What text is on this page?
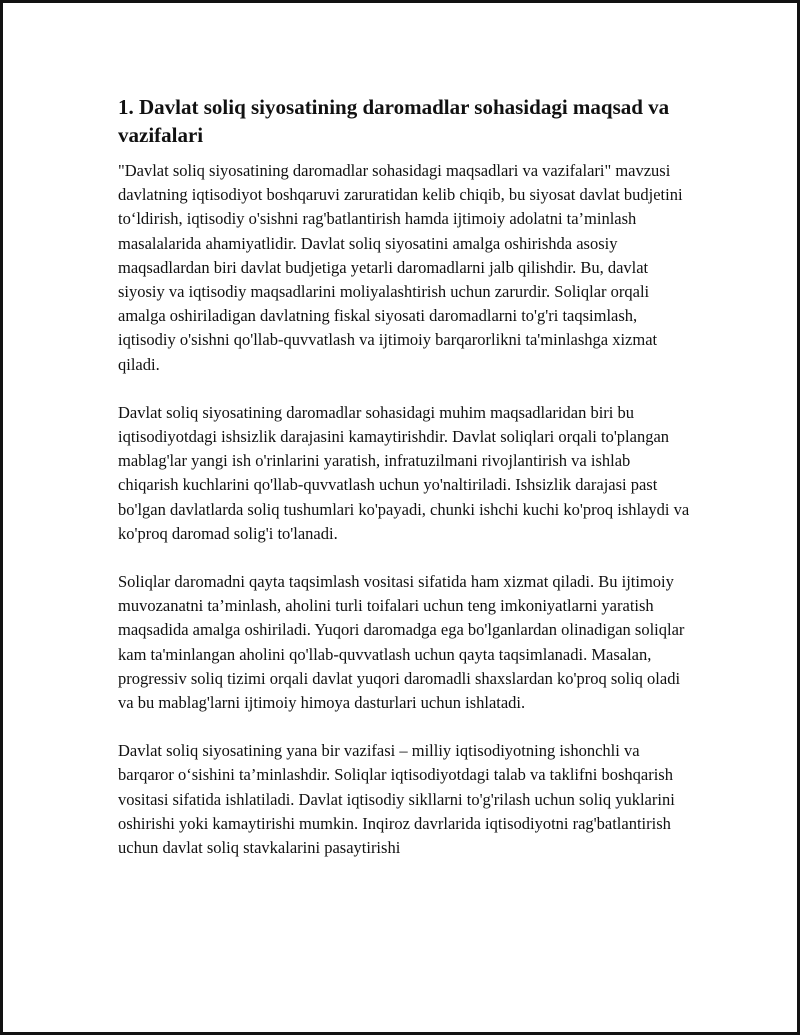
1. Davlat soliq siyosatining daromadlar sohasidagi maqsad va vazifalari

"Davlat soliq siyosatining daromadlar sohasidagi maqsadlari va vazifalari" mavzusi davlatning iqtisodiyot boshqaruvi zaruratidan kelib chiqib, bu siyosat davlat budjetini to‘ldirish, iqtisodiy o'sishni rag'batlantirish hamda ijtimoiy adolatni ta’minlash masalalarida ahamiyatlidir. Davlat soliq siyosatini amalga oshirishda asosiy maqsadlardan biri davlat budjetiga yetarli daromadlarni jalb qilishdir. Bu, davlat siyosiy va iqtisodiy maqsadlarini moliyalashtirish uchun zarurdir. Soliqlar orqali amalga oshiriladigan davlatning fiskal siyosati daromadlarni to'g'ri taqsimlash, iqtisodiy o'sishni qo'llab-quvvatlash va ijtimoiy barqarorlikni ta'minlashga xizmat qiladi.

Davlat soliq siyosatining daromadlar sohasidagi muhim maqsadlaridan biri bu iqtisodiyotdagi ishsizlik darajasini kamaytirishdir. Davlat soliqlari orqali to'plangan mablag'lar yangi ish o'rinlarini yaratish, infratuzilmani rivojlantirish va ishlab chiqarish kuchlarini qo'llab-quvvatlash uchun yo'naltiriladi. Ishsizlik darajasi past bo'lgan davlatlarda soliq tushumlari ko'payadi, chunki ishchi kuchi ko'proq ishlaydi va ko'proq daromad solig'i to'lanadi.

Soliqlar daromadni qayta taqsimlash vositasi sifatida ham xizmat qiladi. Bu ijtimoiy muvozanatni ta’minlash, aholini turli toifalari uchun teng imkoniyatlarni yaratish maqsadida amalga oshiriladi. Yuqori daromadga ega bo'lganlardan olinadigan soliqlar kam ta'minlangan aholini qo'llab-quvvatlash uchun qayta taqsimlanadi. Masalan, progressiv soliq tizimi orqali davlat yuqori daromadli shaxslardan ko'proq soliq oladi va bu mablag'larni ijtimoiy himoya dasturlari uchun ishlatadi.

Davlat soliq siyosatining yana bir vazifasi – milliy iqtisodiyotning ishonchli va barqaror o‘sishini ta’minlashdir. Soliqlar iqtisodiyotdagi talab va taklifni boshqarish vositasi sifatida ishlatiladi. Davlat iqtisodiy sikllarni to'g'rilash uchun soliq yuklarini oshirishi yoki kamaytirishi mumkin. Inqiroz davrlarida iqtisodiyotni rag'batlantirish uchun davlat soliq stavkalarini pasaytirishi
